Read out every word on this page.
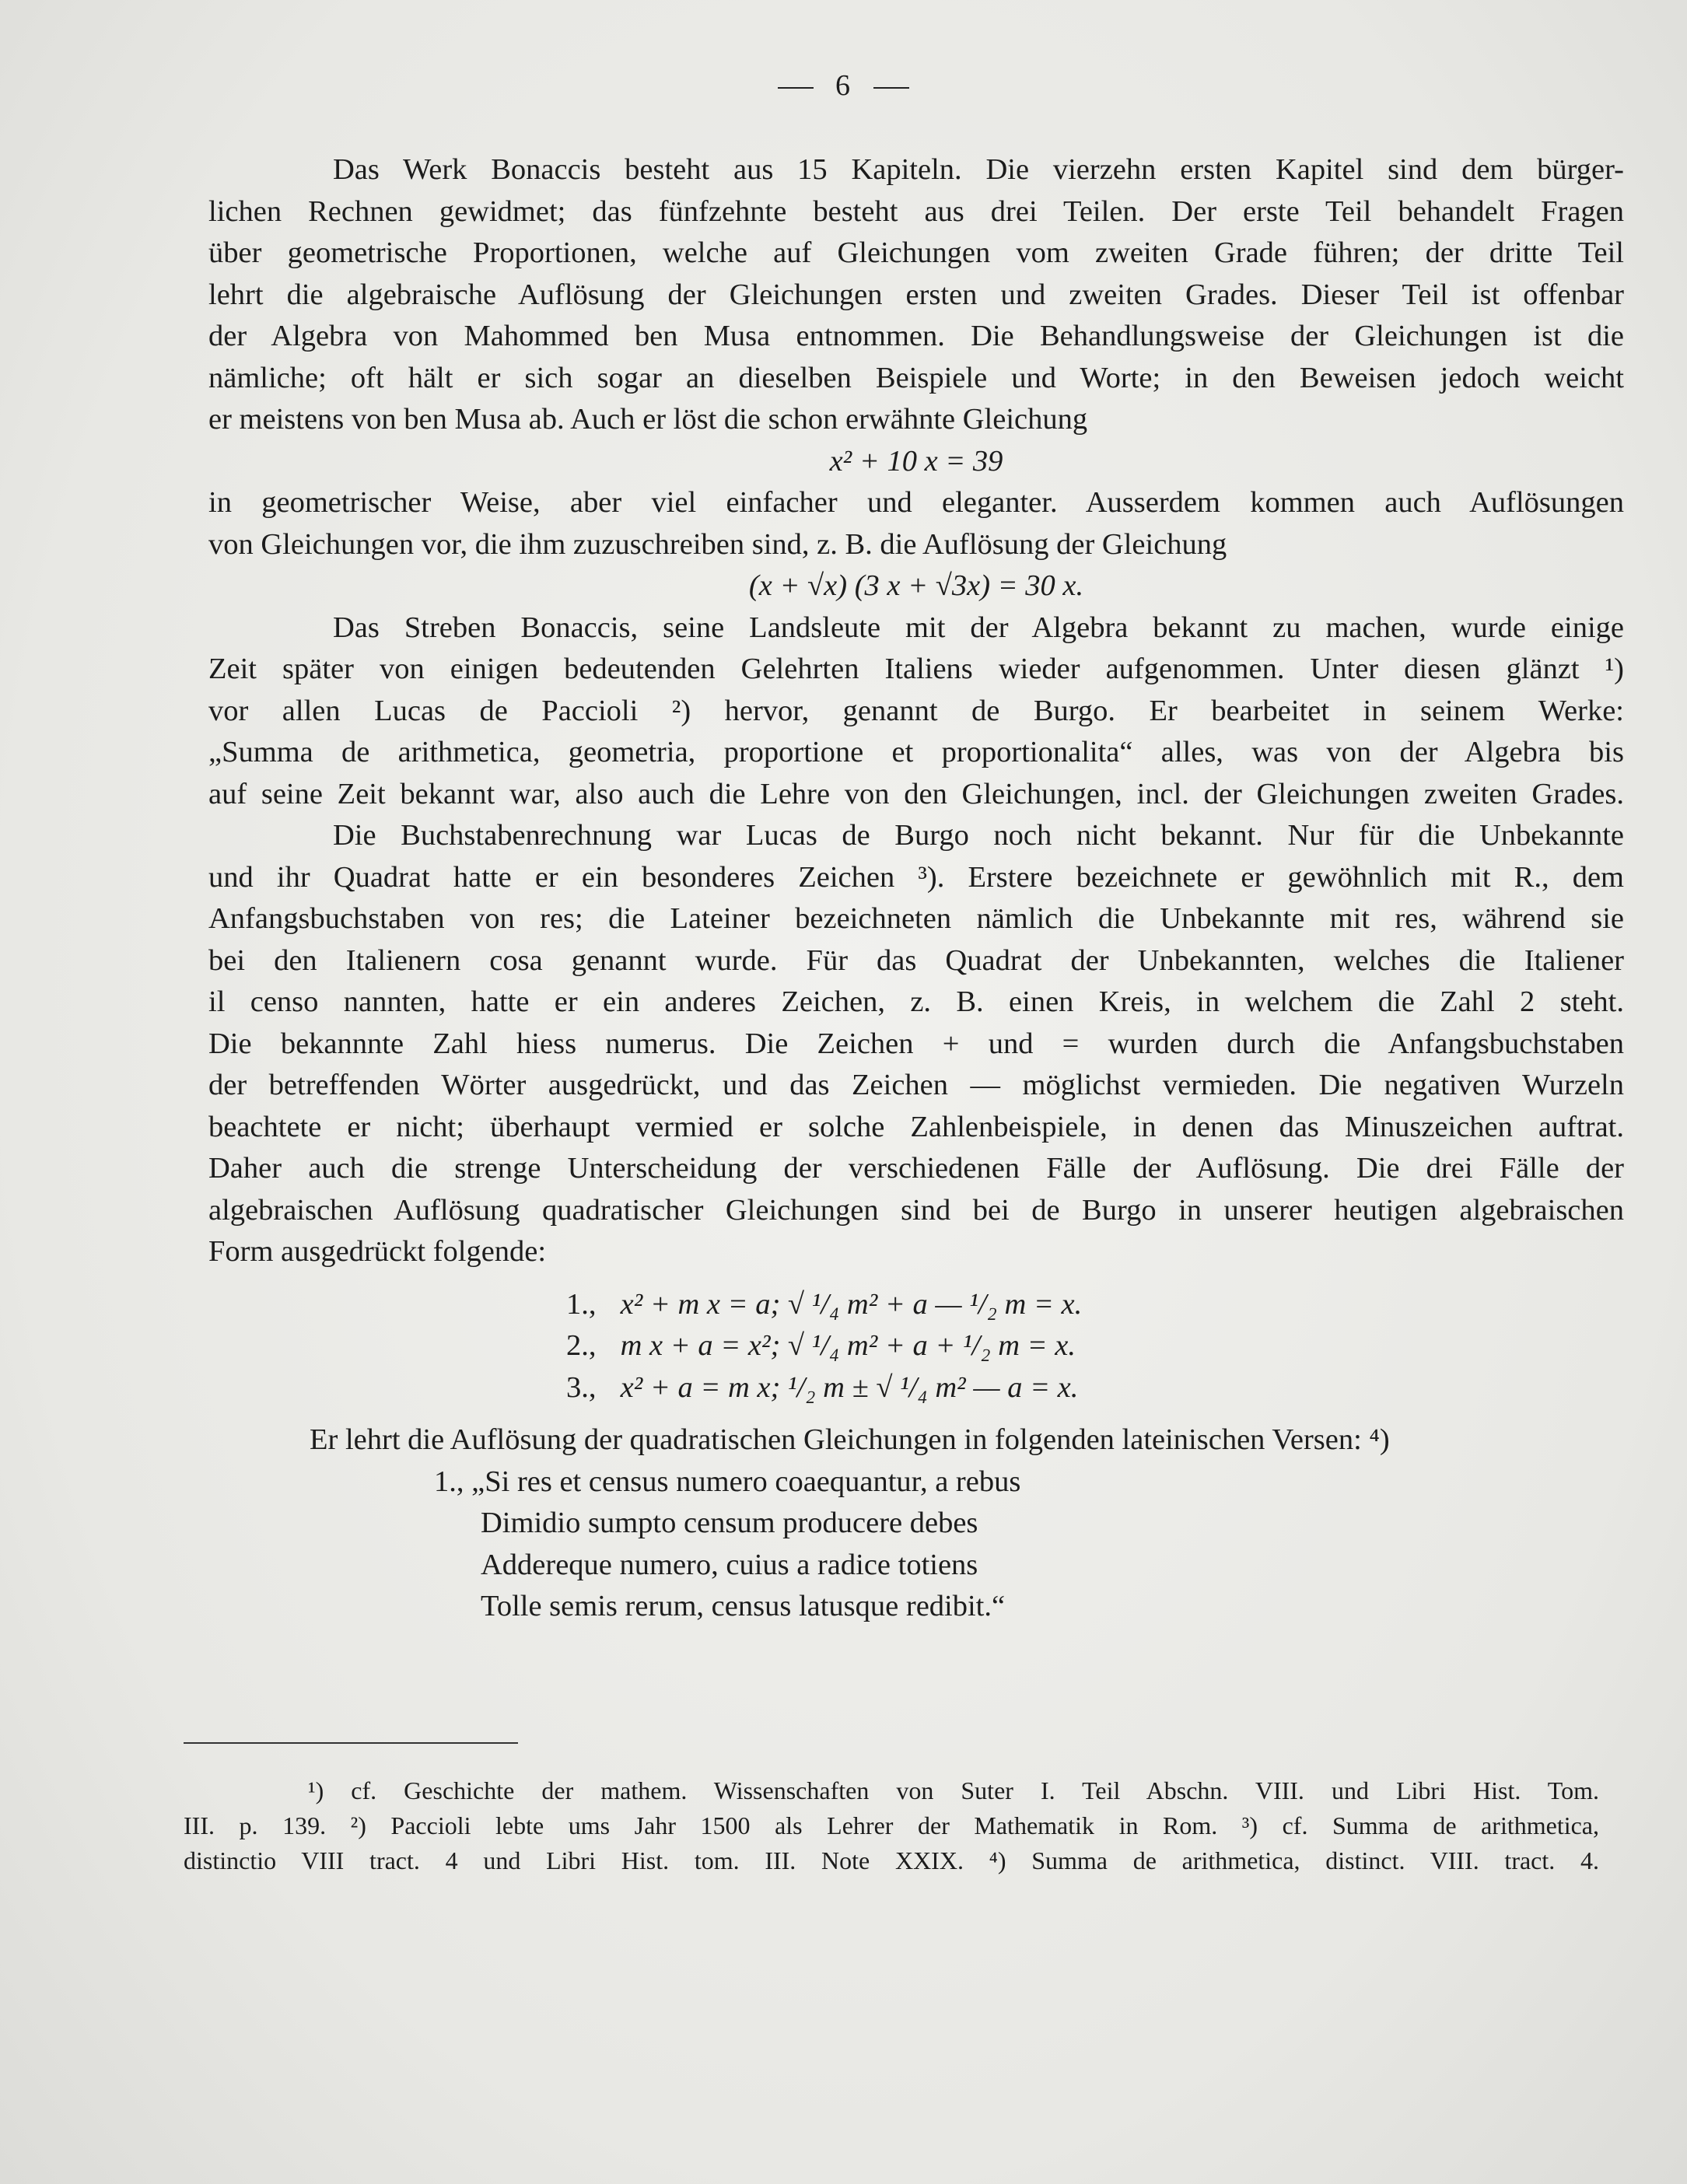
6
Das Werk Bonaccis besteht aus 15 Kapiteln. Die vierzehn ersten Kapitel sind dem bürger-
lichen Rechnen gewidmet; das fünfzehnte besteht aus drei Teilen. Der erste Teil behandelt Fragen
über geometrische Proportionen, welche auf Gleichungen vom zweiten Grade führen; der dritte Teil
lehrt die algebraische Auflösung der Gleichungen ersten und zweiten Grades. Dieser Teil ist offenbar
der Algebra von Mahommed ben Musa entnommen. Die Behandlungsweise der Gleichungen ist die
nämliche; oft hält er sich sogar an dieselben Beispiele und Worte; in den Beweisen jedoch weicht
er meistens von ben Musa ab. Auch er löst die schon erwähnte Gleichung
x² + 10 x = 39
in geometrischer Weise, aber viel einfacher und eleganter. Ausserdem kommen auch Auflösungen
von Gleichungen vor, die ihm zuzuschreiben sind, z. B. die Auflösung der Gleichung
(x + √x) (3 x + √3x) = 30 x.
Das Streben Bonaccis, seine Landsleute mit der Algebra bekannt zu machen, wurde einige
Zeit später von einigen bedeutenden Gelehrten Italiens wieder aufgenommen. Unter diesen glänzt ¹)
vor allen Lucas de Paccioli ²) hervor, genannt de Burgo. Er bearbeitet in seinem Werke:
„Summa de arithmetica, geometria, proportione et proportionalita“ alles, was von der Algebra bis
auf seine Zeit bekannt war, also auch die Lehre von den Gleichungen, incl. der Gleichungen zweiten Grades.
Die Buchstabenrechnung war Lucas de Burgo noch nicht bekannt. Nur für die Unbekannte
und ihr Quadrat hatte er ein besonderes Zeichen ³). Erstere bezeichnete er gewöhnlich mit R., dem
Anfangsbuchstaben von res; die Lateiner bezeichneten nämlich die Unbekannte mit res, während sie
bei den Italienern cosa genannt wurde. Für das Quadrat der Unbekannten, welches die Italiener
il censo nannten, hatte er ein anderes Zeichen, z. B. einen Kreis, in welchem die Zahl 2 steht.
Die bekannnte Zahl hiess numerus. Die Zeichen + und = wurden durch die Anfangsbuchstaben
der betreffenden Wörter ausgedrückt, und das Zeichen — möglichst vermieden. Die negativen Wurzeln
beachtete er nicht; überhaupt vermied er solche Zahlenbeispiele, in denen das Minuszeichen auftrat.
Daher auch die strenge Unterscheidung der verschiedenen Fälle der Auflösung. Die drei Fälle der
algebraischen Auflösung quadratischer Gleichungen sind bei de Burgo in unserer heutigen algebraischen
Form ausgedrückt folgende:
1., x² + m x = a; √ ¹/₄ m² + a — ¹/₂ m = x.
2., m x + a = x²; √ ¹/₄ m² + a + ¹/₂ m = x.
3., x² + a = m x; ¹/₂ m ± √ ¹/₄ m² — a = x.
Er lehrt die Auflösung der quadratischen Gleichungen in folgenden lateinischen Versen: ⁴)
1., „Si res et census numero coaequantur, a rebus
Dimidio sumpto censum producere debes
Addereque numero, cuius a radice totiens
Tolle semis rerum, census latusque redibit.“
¹) cf. Geschichte der mathem. Wissenschaften von Suter I. Teil Abschn. VIII. und Libri Hist. Tom.
III. p. 139. ²) Paccioli lebte ums Jahr 1500 als Lehrer der Mathematik in Rom. ³) cf. Summa de arithmetica,
distinctio VIII tract. 4 und Libri Hist. tom. III. Note XXIX. ⁴) Summa de arithmetica, distinct. VIII. tract. 4.
